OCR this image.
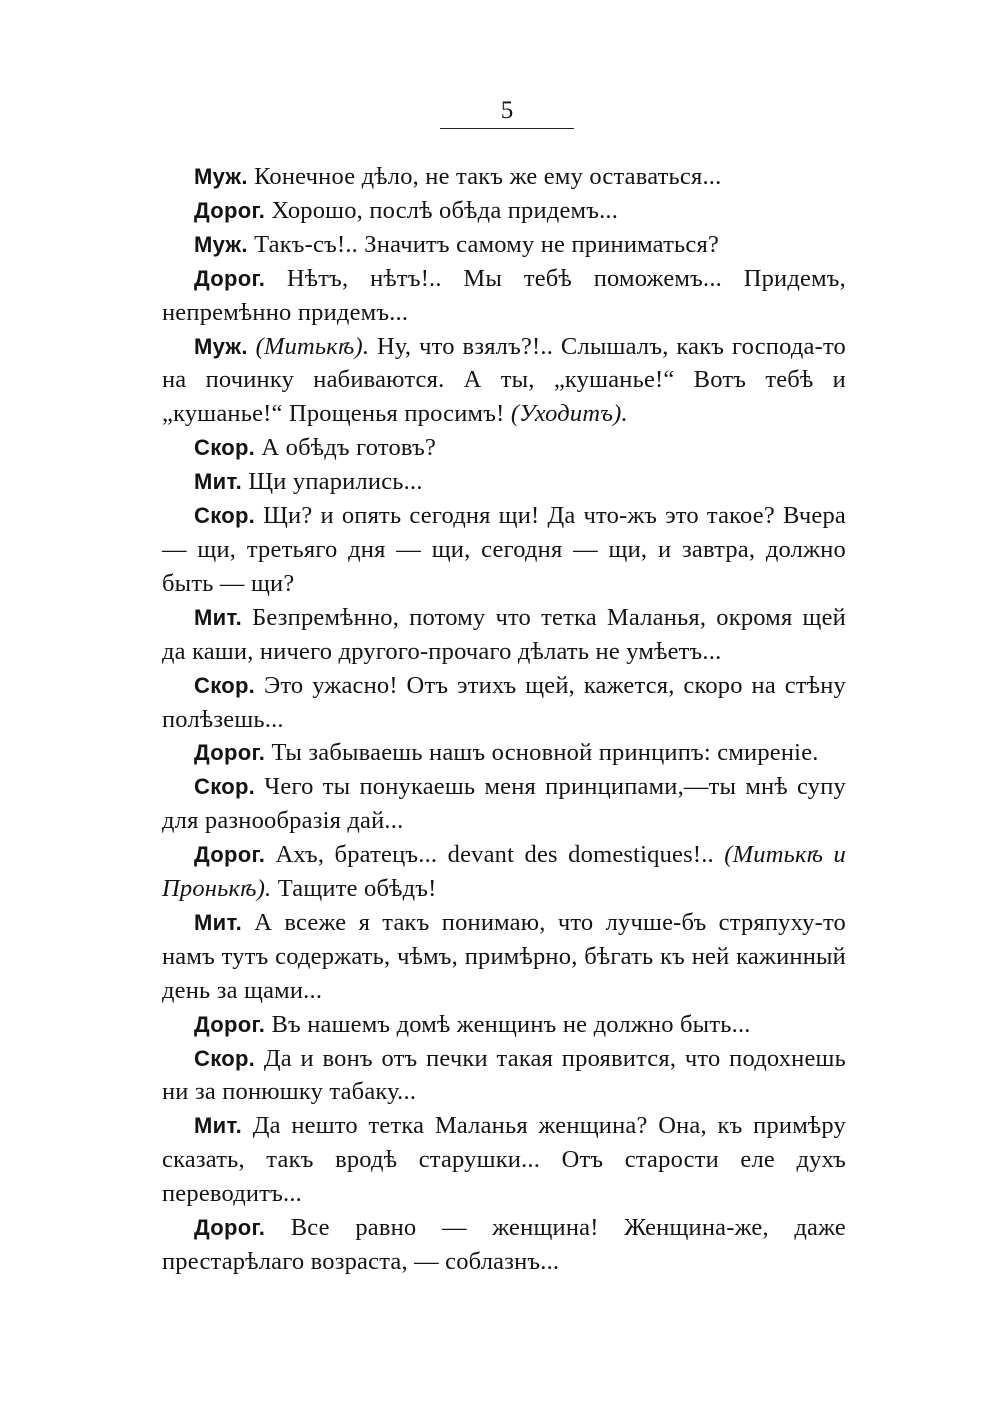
5

Муж. Конечное дѣло, не такъ же ему оставаться...

Дорог. Хорошо, послѣ обѣда придемъ...

Муж. Такъ-съ!.. Значитъ самому не приниматься?

Дорог. Нѣтъ, нѣтъ!.. Мы тебѣ поможемъ... Придемъ, непремѣнно придемъ...

Муж. (Митькѣ). Ну, что взялъ?!.. Слышалъ, какъ господа-то на починку набиваются. А ты, „кушанье!“ Вотъ тебѣ и „кушанье!“ Прощенья просимъ! (Уходитъ).

Скор. А обѣдъ готовъ?

Мит. Щи упарились...

Скор. Щи? и опять сегодня щи! Да что-жъ это такое? Вчера — щи, третьяго дня — щи, сегодня — щи, и завтра, должно быть — щи?

Мит. Безпремѣнно, потому что тетка Маланья, окромя щей да каши, ничего другого-прочаго дѣлать не умѣетъ...

Скор. Это ужасно! Отъ этихъ щей, кажется, скоро на стѣну полѣзешь...

Дорог. Ты забываешь нашъ основной принципъ: смиреніе.

Скор. Чего ты понукаешь меня принципами,—ты мнѣ супу для разнообразія дай...

Дорог. Ахъ, братецъ... devant des domestiques!.. (Митькѣ и Пронькѣ). Тащите обѣдъ!

Мит. А всеже я такъ понимаю, что лучше-бъ стряпуху-то намъ тутъ содержать, чѣмъ, примѣрно, бѣгать къ ней кажинный день за щами...

Дорог. Въ нашемъ домѣ женщинъ не должно быть...

Скор. Да и вонъ отъ печки такая проявится, что подохнешь ни за понюшку табаку...

Мит. Да нешто тетка Маланья женщина? Она, къ примѣру сказать, такъ вродѣ старушки... Отъ старости еле духъ переводитъ...

Дорог. Все равно — женщина! Женщина-же, даже престарѣлаго возраста, — соблазнъ...
